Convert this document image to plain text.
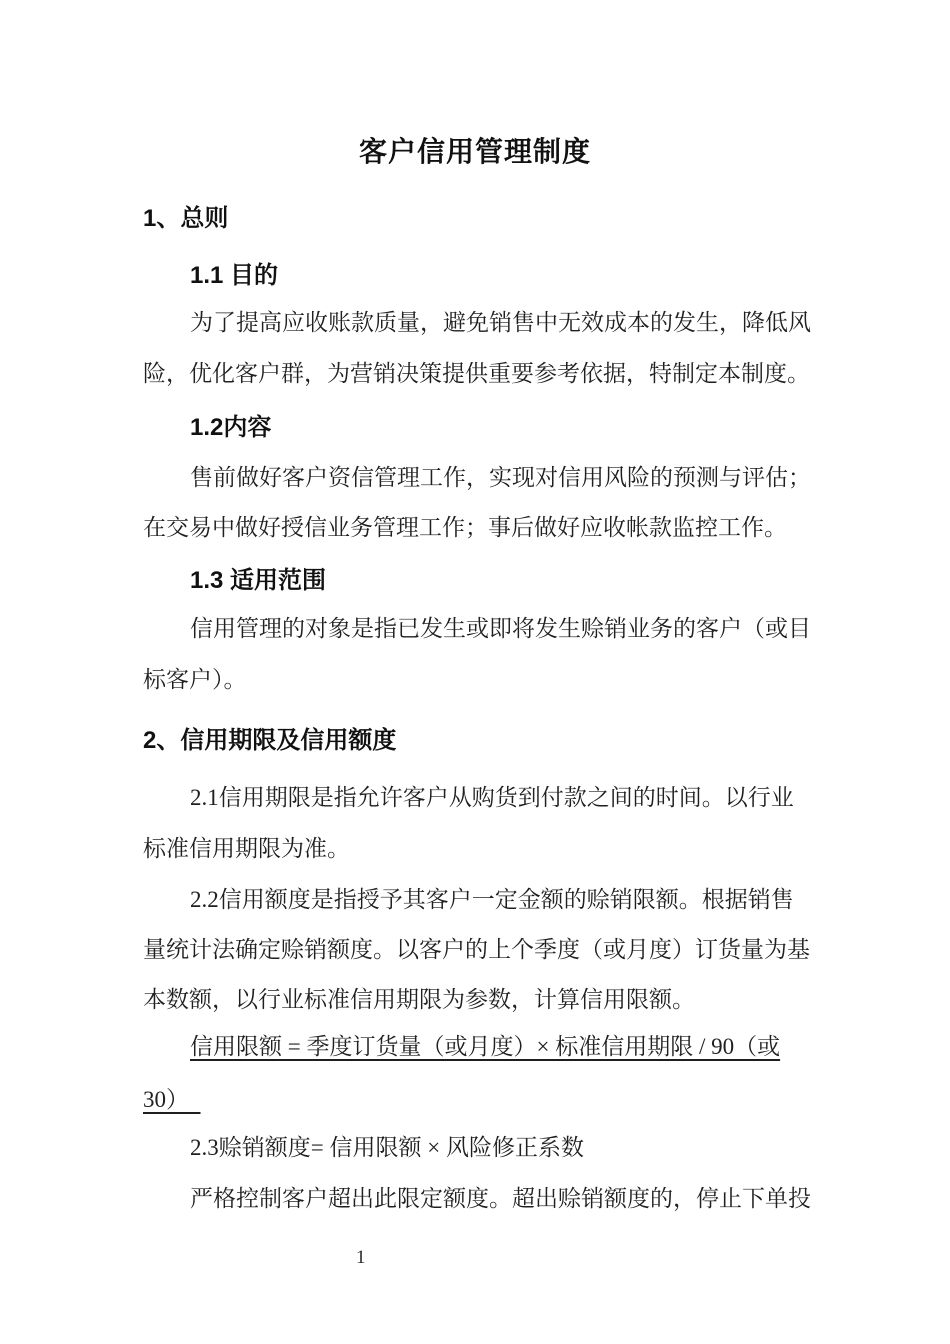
客户信用管理制度
1、总则
1.1 目的
为了提高应收账款质量，避免销售中无效成本的发生，降低风
险，优化客户群，为营销决策提供重要参考依据，特制定本制度。
1.2内容
售前做好客户资信管理工作，实现对信用风险的预测与评估；
在交易中做好授信业务管理工作；事后做好应收帐款监控工作。
1.3 适用范围
信用管理的对象是指已发生或即将发生赊销业务的客户（或目
标客户）。
2、信用期限及信用额度
2.1信用期限是指允许客户从购货到付款之间的时间。以行业
标准信用期限为准。
2.2信用额度是指授予其客户一定金额的赊销限额。根据销售
量统计法确定赊销额度。以客户的上个季度（或月度）订货量为基
本数额，以行业标准信用期限为参数，计算信用限额。
信用限额 = 季度订货量（或月度）× 标准信用期限 / 90（或
30）　
2.3赊销额度= 信用限额 × 风险修正系数
严格控制客户超出此限定额度。超出赊销额度的，停止下单投
1
